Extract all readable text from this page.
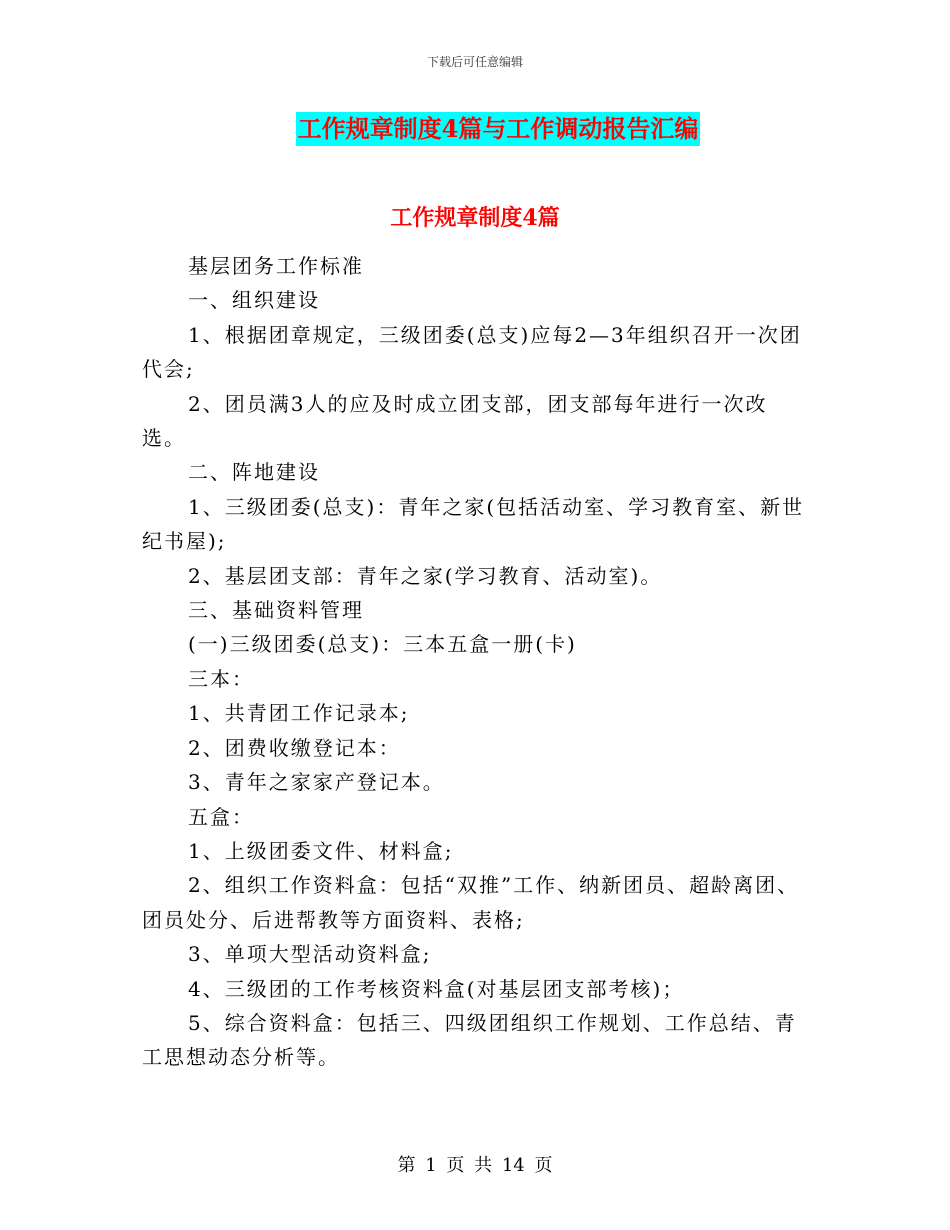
下载后可任意编辑
工作规章制度4篇与工作调动报告汇编
工作规章制度4篇

基层团务工作标准

一、组织建设

1、根据团章规定，三级团委(总支)应每2—3年组织召开一次团代会;

2、团员满3人的应及时成立团支部，团支部每年进行一次改选。

二、阵地建设

1、三级团委(总支)：青年之家(包括活动室、学习教育室、新世纪书屋);

2、基层团支部：青年之家(学习教育、活动室)。

三、基础资料管理

(一)三级团委(总支)：三本五盒一册(卡)

三本：

1、共青团工作记录本;

2、团费收缴登记本：

3、青年之家家产登记本。

五盒：

1、上级团委文件、材料盒;

2、组织工作资料盒：包括“双推”工作、纳新团员、超龄离团、团员处分、后进帮教等方面资料、表格;

3、单项大型活动资料盒;

4、三级团的工作考核资料盒(对基层团支部考核)；

5、综合资料盒：包括三、四级团组织工作规划、工作总结、青工思想动态分析等。

第 1 页 共 14 页
